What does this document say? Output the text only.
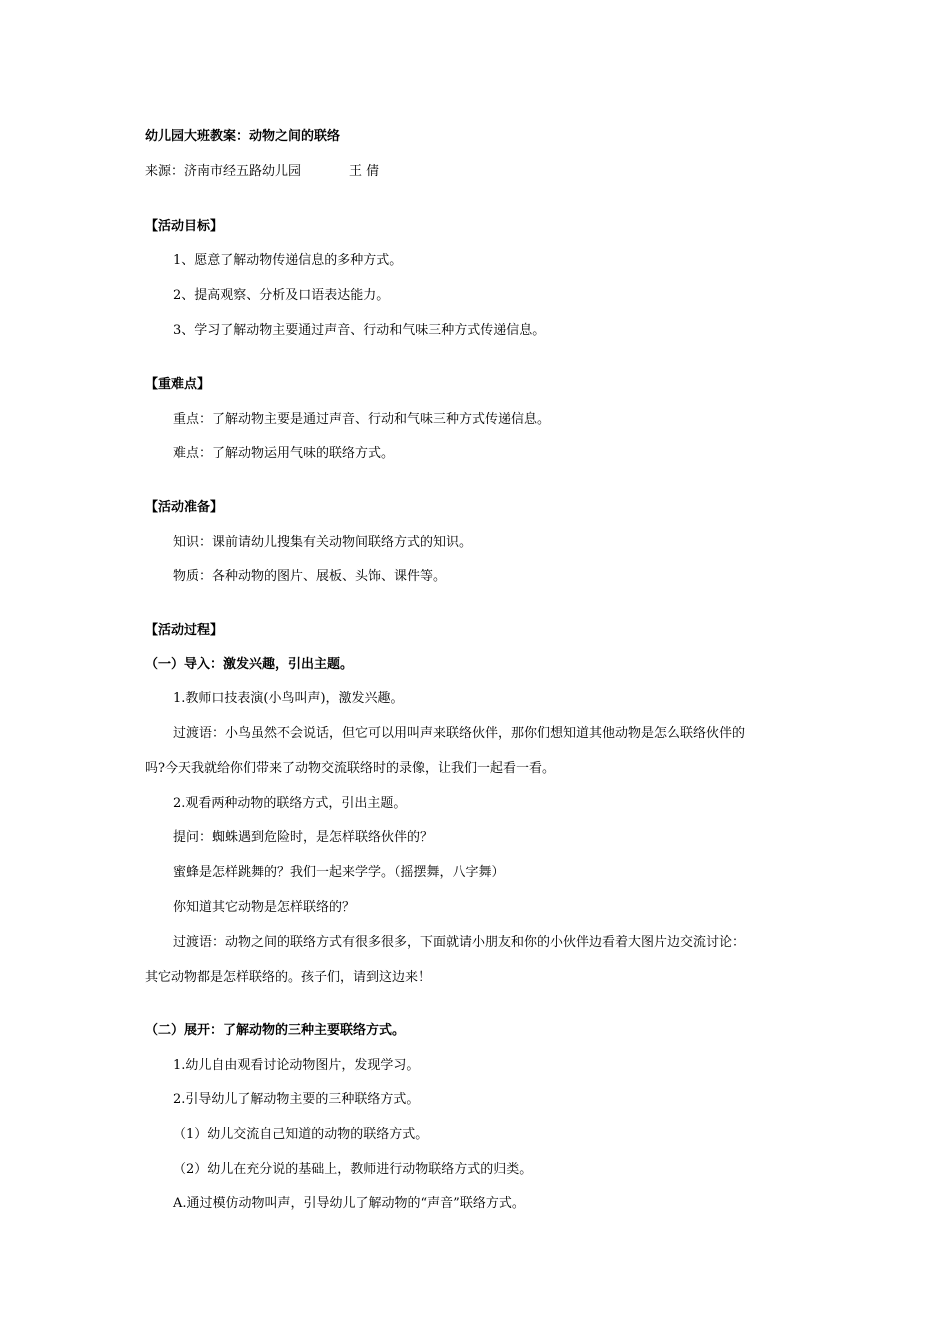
幼儿园大班教案：动物之间的联络

来源：济南市经五路幼儿园	王 倩

【活动目标】

1、愿意了解动物传递信息的多种方式。

2、提高观察、分析及口语表达能力。

3、学习了解动物主要通过声音、行动和气味三种方式传递信息。

【重难点】

重点：了解动物主要是通过声音、行动和气味三种方式传递信息。

难点：了解动物运用气味的联络方式。

【活动准备】

知识：课前请幼儿搜集有关动物间联络方式的知识。

物质：各种动物的图片、展板、头饰、课件等。

【活动过程】

（一）导入：激发兴趣，引出主题。

1.教师口技表演(小鸟叫声)，激发兴趣。

过渡语：小鸟虽然不会说话，但它可以用叫声来联络伙伴，那你们想知道其他动物是怎么联络伙伴的

吗?今天我就给你们带来了动物交流联络时的录像，让我们一起看一看。

2.观看两种动物的联络方式，引出主题。

提问：蜘蛛遇到危险时，是怎样联络伙伴的？

蜜蜂是怎样跳舞的？我们一起来学学。（摇摆舞，八字舞）

你知道其它动物是怎样联络的？

过渡语：动物之间的联络方式有很多很多，下面就请小朋友和你的小伙伴边看着大图片边交流讨论：

其它动物都是怎样联络的。孩子们，请到这边来！

（二）展开：了解动物的三种主要联络方式。

1.幼儿自由观看讨论动物图片，发现学习。

2.引导幼儿了解动物主要的三种联络方式。

（1）幼儿交流自己知道的动物的联络方式。

（2）幼儿在充分说的基础上，教师进行动物联络方式的归类。

A.通过模仿动物叫声，引导幼儿了解动物的“声音”联络方式。
